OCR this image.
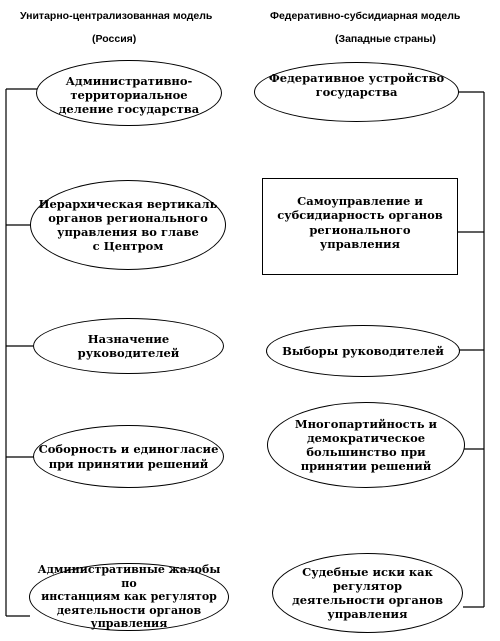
Унитарно-централизованная модель
(Россия)
Федеративно-субсидиарная модель
(Западные страны)
Административно-
территориальное
деление государства
Иерархическая вертикаль
органов регионального
управления во главе
с Центром
Назначение
руководителей
Соборность и единогласие
при принятии решений
Административные жалобы по
инстанциям как регулятор
деятельности органов
управления
Федеративное устройство
государства
Самоуправление и
субсидиарность органов
регионального
управления
Выборы руководителей
Многопартийность и
демократическое
большинство при
принятии решений
Судебные иски как регулятор
деятельности органов
управления
